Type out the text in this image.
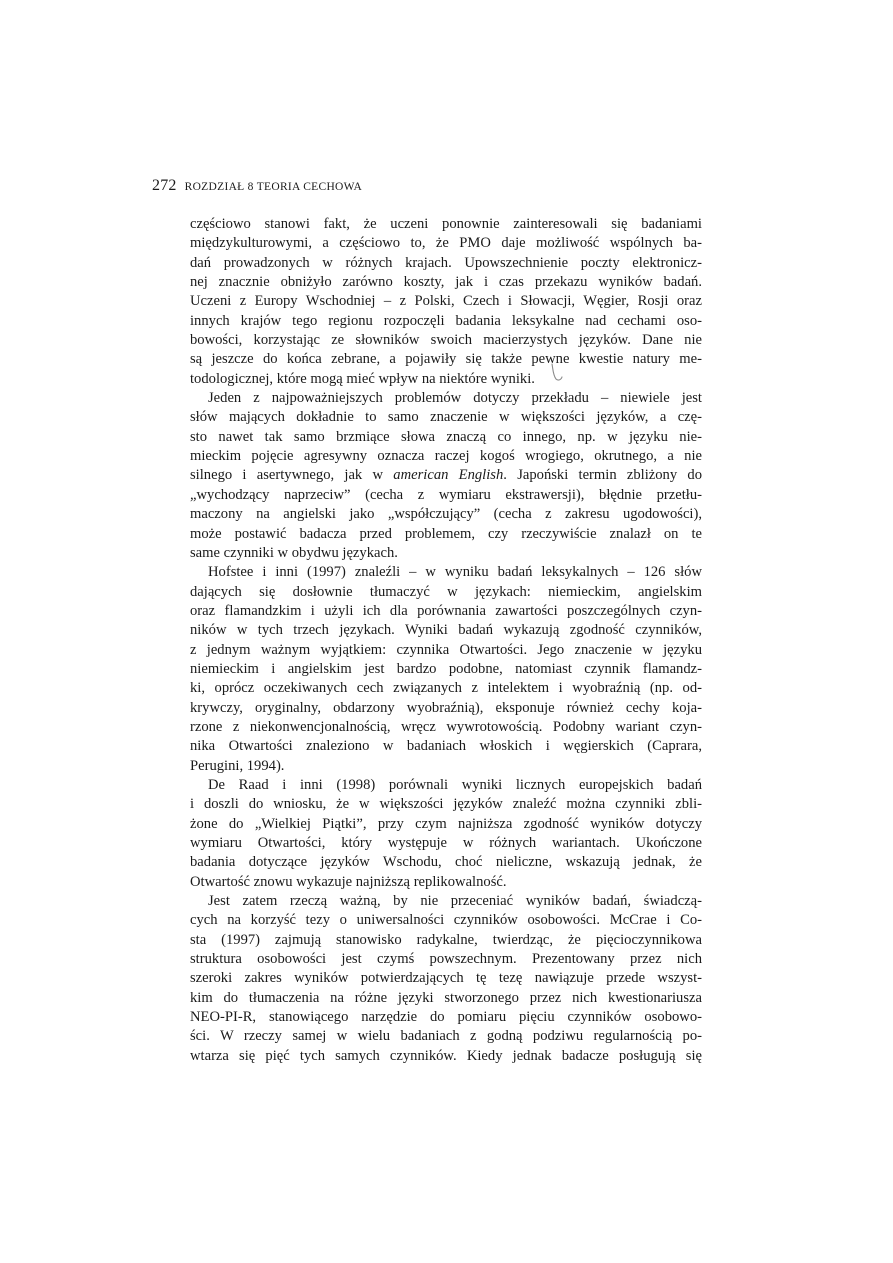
272 ROZDZIAŁ 8 TEORIA CECHOWA
częściowo stanowi fakt, że uczeni ponownie zainteresowali się badaniami
międzykulturowymi, a częściowo to, że PMO daje możliwość wspólnych ba-
dań prowadzonych w różnych krajach. Upowszechnienie poczty elektronicz-
nej znacznie obniżyło zarówno koszty, jak i czas przekazu wyników badań.
Uczeni z Europy Wschodniej – z Polski, Czech i Słowacji, Węgier, Rosji oraz
innych krajów tego regionu rozpoczęli badania leksykalne nad cechami oso-
bowości, korzystając ze słowników swoich macierzystych języków. Dane nie
są jeszcze do końca zebrane, a pojawiły się także pewne kwestie natury me-
todologicznej, które mogą mieć wpływ na niektóre wyniki.
Jeden z najpoważniejszych problemów dotyczy przekładu – niewiele jest
słów mających dokładnie to samo znaczenie w większości języków, a czę-
sto nawet tak samo brzmiące słowa znaczą co innego, np. w języku nie-
mieckim pojęcie agresywny oznacza raczej kogoś wrogiego, okrutnego, a nie
silnego i asertywnego, jak w american English. Japoński termin zbliżony do
„wychodzący naprzeciw” (cecha z wymiaru ekstrawersji), błędnie przetłu-
maczony na angielski jako „współczujący” (cecha z zakresu ugodowości),
może postawić badacza przed problemem, czy rzeczywiście znalazł on te
same czynniki w obydwu językach.
Hofstee i inni (1997) znaleźli – w wyniku badań leksykalnych – 126 słów
dających się dosłownie tłumaczyć w językach: niemieckim, angielskim
oraz flamandzkim i użyli ich dla porównania zawartości poszczególnych czyn-
ników w tych trzech językach. Wyniki badań wykazują zgodność czynników,
z jednym ważnym wyjątkiem: czynnika Otwartości. Jego znaczenie w języku
niemieckim i angielskim jest bardzo podobne, natomiast czynnik flamandz-
ki, oprócz oczekiwanych cech związanych z intelektem i wyobraźnią (np. od-
krywczy, oryginalny, obdarzony wyobraźnią), eksponuje również cechy koja-
rzone z niekonwencjonalnością, wręcz wywrotowością. Podobny wariant czyn-
nika Otwartości znaleziono w badaniach włoskich i węgierskich (Caprara,
Perugini, 1994).
De Raad i inni (1998) porównali wyniki licznych europejskich badań
i doszli do wniosku, że w większości języków znaleźć można czynniki zbli-
żone do „Wielkiej Piątki”, przy czym najniższa zgodność wyników dotyczy
wymiaru Otwartości, który występuje w różnych wariantach. Ukończone
badania dotyczące języków Wschodu, choć nieliczne, wskazują jednak, że
Otwartość znowu wykazuje najniższą replikowalność.
Jest zatem rzeczą ważną, by nie przeceniać wyników badań, świadczą-
cych na korzyść tezy o uniwersalności czynników osobowości. McCrae i Co-
sta (1997) zajmują stanowisko radykalne, twierdząc, że pięcioczynnikowa
struktura osobowości jest czymś powszechnym. Prezentowany przez nich
szeroki zakres wyników potwierdzających tę tezę nawiązuje przede wszyst-
kim do tłumaczenia na różne języki stworzonego przez nich kwestionariusza
NEO-PI-R, stanowiącego narzędzie do pomiaru pięciu czynników osobowo-
ści. W rzeczy samej w wielu badaniach z godną podziwu regularnością po-
wtarza się pięć tych samych czynników. Kiedy jednak badacze posługują się
